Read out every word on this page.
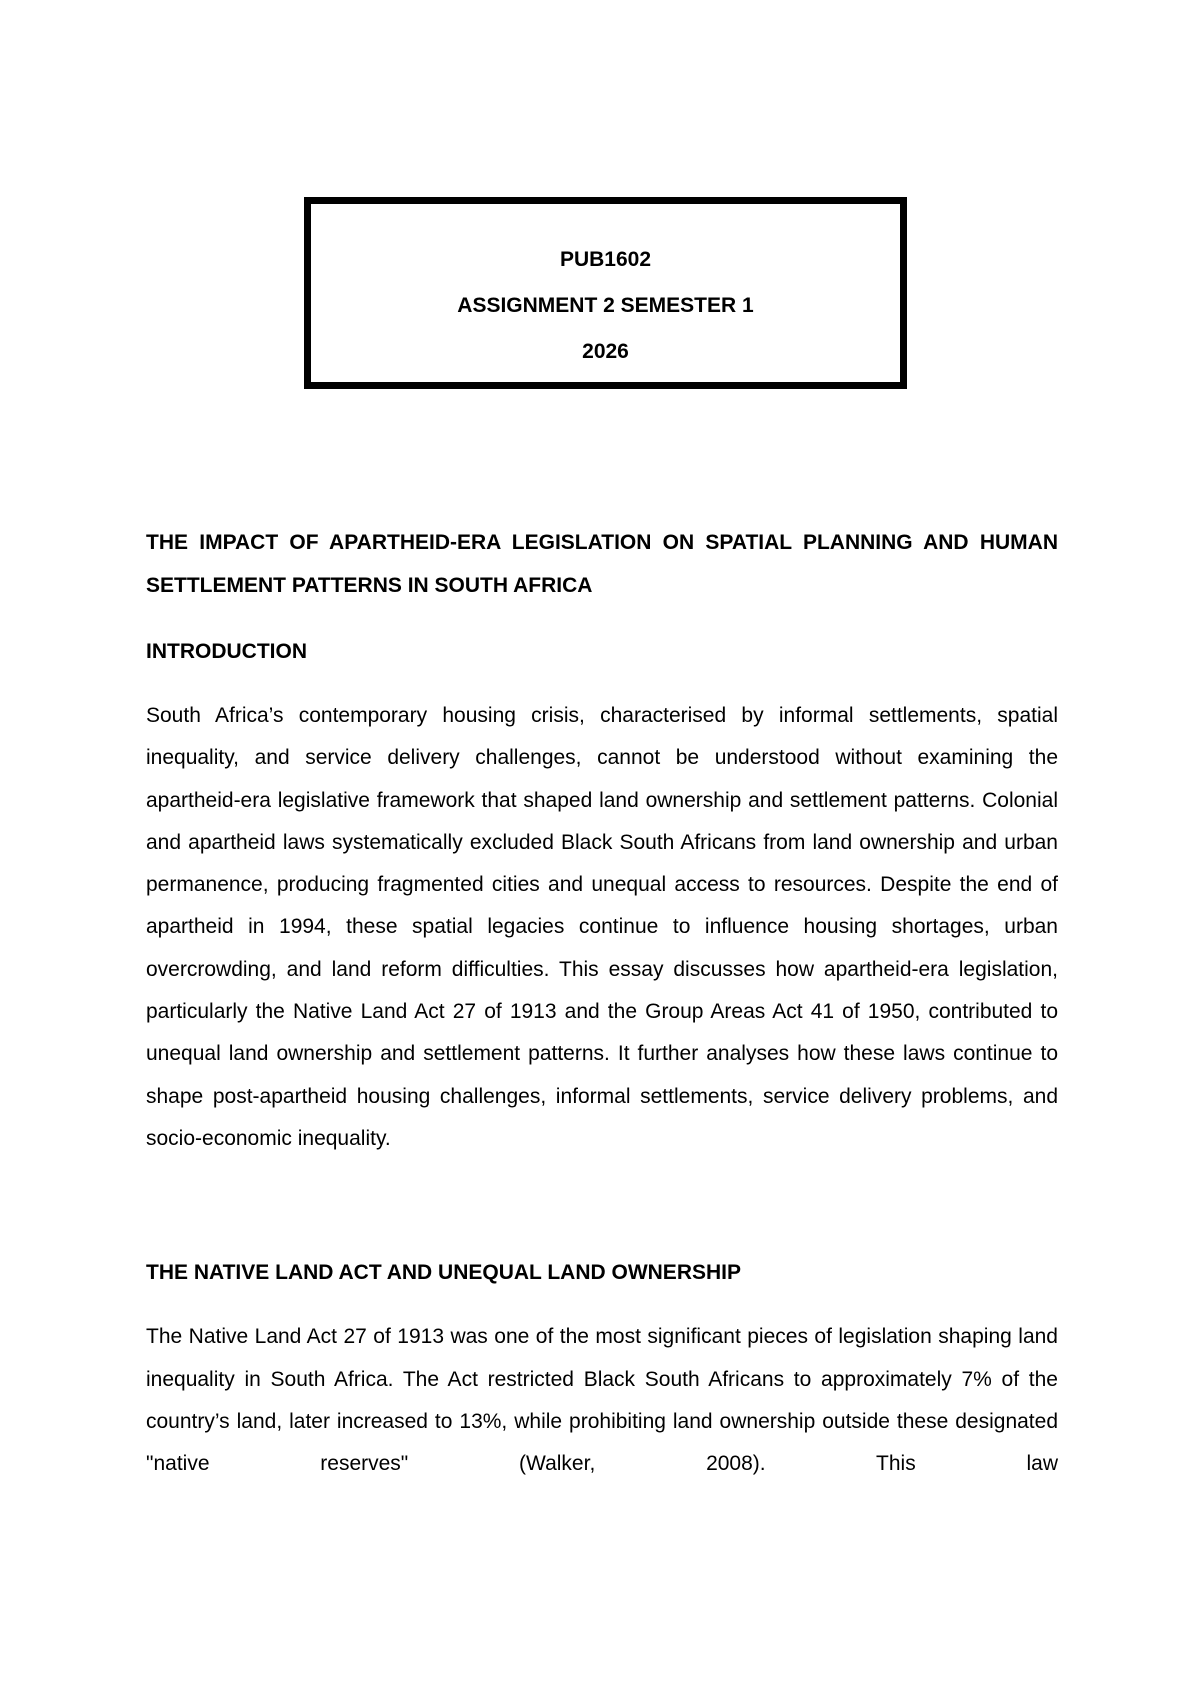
PUB1602
ASSIGNMENT 2 SEMESTER 1
2026
THE IMPACT OF APARTHEID-ERA LEGISLATION ON SPATIAL PLANNING AND HUMAN SETTLEMENT PATTERNS IN SOUTH AFRICA
INTRODUCTION

South Africa’s contemporary housing crisis, characterised by informal settlements, spatial inequality, and service delivery challenges, cannot be understood without examining the apartheid-era legislative framework that shaped land ownership and settlement patterns. Colonial and apartheid laws systematically excluded Black South Africans from land ownership and urban permanence, producing fragmented cities and unequal access to resources. Despite the end of apartheid in 1994, these spatial legacies continue to influence housing shortages, urban overcrowding, and land reform difficulties. This essay discusses how apartheid-era legislation, particularly the Native Land Act 27 of 1913 and the Group Areas Act 41 of 1950, contributed to unequal land ownership and settlement patterns. It further analyses how these laws continue to shape post-apartheid housing challenges, informal settlements, service delivery problems, and socio-economic inequality.

THE NATIVE LAND ACT AND UNEQUAL LAND OWNERSHIP

The Native Land Act 27 of 1913 was one of the most significant pieces of legislation shaping land inequality in South Africa. The Act restricted Black South Africans to approximately 7% of the country’s land, later increased to 13%, while prohibiting land ownership outside these designated "native reserves" (Walker, 2008). This law
